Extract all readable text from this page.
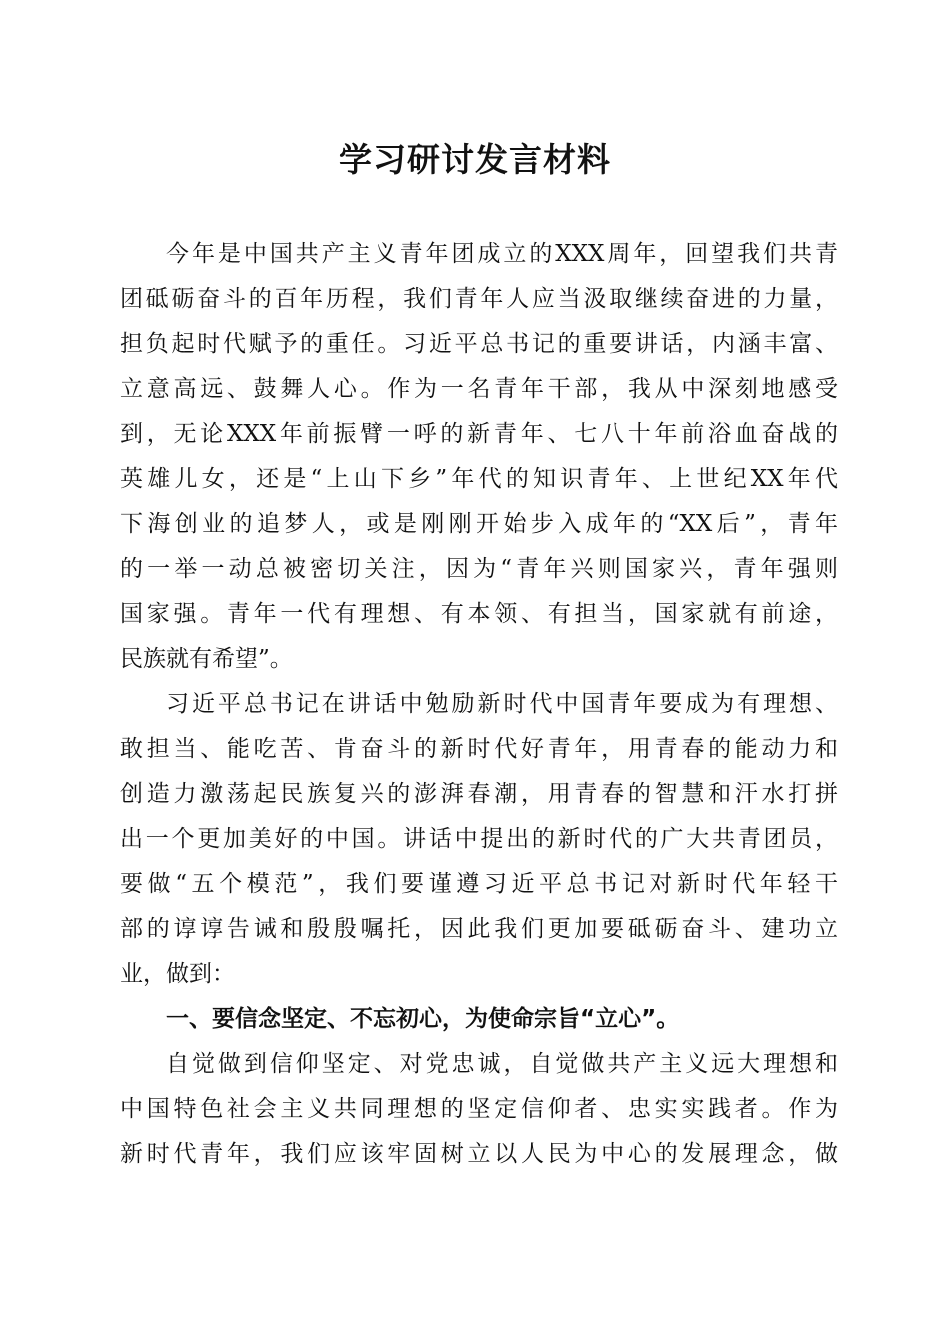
学习研讨发言材料
今年是中国共产主义青年团成立的XXX周年，回望我们共青
团砥砺奋斗的百年历程，我们青年人应当汲取继续奋进的力量，
担负起时代赋予的重任。习近平总书记的重要讲话，内涵丰富、
立意高远、鼓舞人心。作为一名青年干部，我从中深刻地感受
到，无论XXX年前振臂一呼的新青年、七八十年前浴血奋战的
英雄儿女，还是“上山下乡”年代的知识青年、上世纪XX年代
下海创业的追梦人，或是刚刚开始步入成年的“XX后”，青年
的一举一动总被密切关注，因为“青年兴则国家兴，青年强则
国家强。青年一代有理想、有本领、有担当，国家就有前途，
民族就有希望”。
习近平总书记在讲话中勉励新时代中国青年要成为有理想、
敢担当、能吃苦、肯奋斗的新时代好青年，用青春的能动力和
创造力激荡起民族复兴的澎湃春潮，用青春的智慧和汗水打拼
出一个更加美好的中国。讲话中提出的新时代的广大共青团员，
要做“五个模范”，我们要谨遵习近平总书记对新时代年轻干
部的谆谆告诫和殷殷嘱托，因此我们更加要砥砺奋斗、建功立
业，做到：
一、要信念坚定、不忘初心，为使命宗旨“立心”。
自觉做到信仰坚定、对党忠诚，自觉做共产主义远大理想和
中国特色社会主义共同理想的坚定信仰者、忠实实践者。作为
新时代青年，我们应该牢固树立以人民为中心的发展理念，做
